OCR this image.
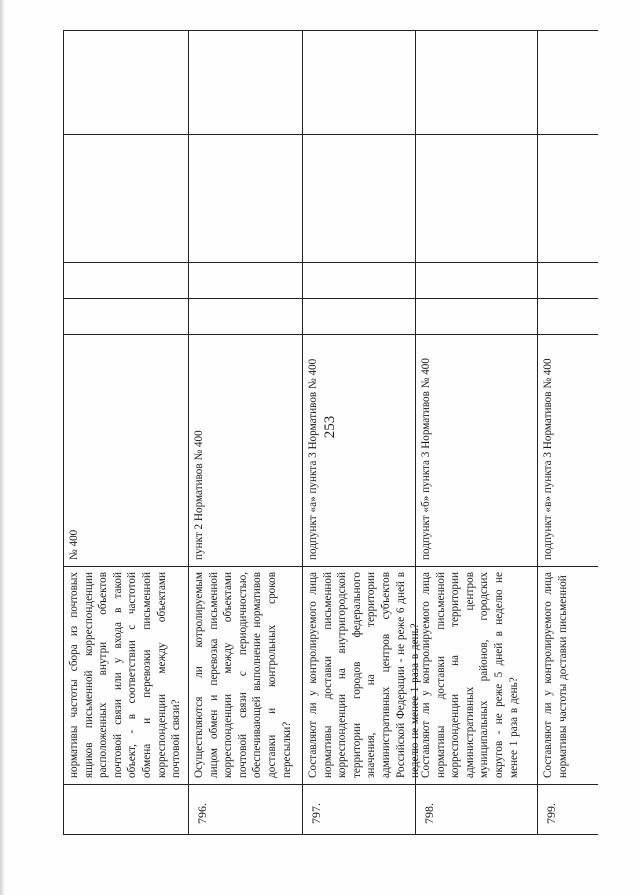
253
нормативы частоты сбора из почтовых ящиков письменной корреспонденции расположенных внутри объектов почтовой связи или у входа в такой объект, - в соответствии с частотой обмена и перевозки письменной корреспонденции между объектами почтовой связи?
№ 400
796.
Осуществляются ли котролируемым лицом обмен и перевозка письменной корреспонденции между объектами почтовой связи с периодичностью, обеспечивающей выполнение нормативов доставки и контрольных сроков пересылки?
пункт 2 Нормативов № 400
797.
Составляют ли у контролируемого лица нормативы доставки письменной корреспонденции на внутригородской территории городов федерального значения, на территории административных центров субъектов Российской Федерации - не реже 6 дней в неделю не менее 1 раза в день?
подпункт «а» пункта 3 Нормативов № 400
798.
Составляют ли у контролируемого лица нормативы доставки письменной корреспонденции на территории административных центров муниципальных районов, городских округов - не реже 5 дней в неделю не менее 1 раза в день?
подпункт «б» пункта 3 Нормативов № 400
799.
Составляют ли у контролируемого лица нормативы частоты доставки письменной
подпункт «в» пункта 3 Нормативов № 400
